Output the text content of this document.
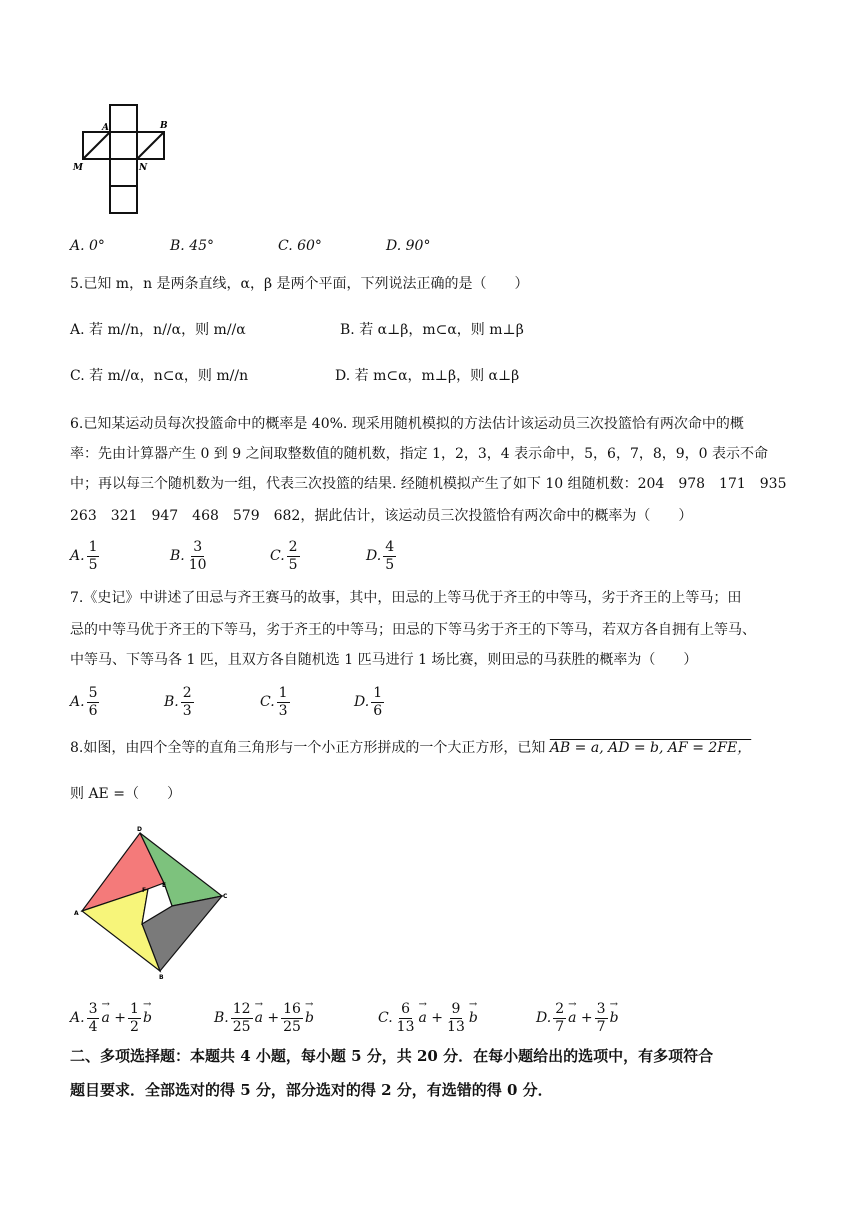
A	B
M	N
A. 0°	B. 45°	C. 60°	D. 90°
5.已知 m，n 是两条直线，α，β 是两个平面，下列说法正确的是（　　）
A. 若 m//n，n//α，则 m//α	B. 若 α⊥β，m⊂α，则 m⊥β
C. 若 m//α，n⊂α，则 m//n	D. 若 m⊂α，m⊥β，则 α⊥β
6.已知某运动员每次投篮命中的概率是 40%. 现采用随机模拟的方法估计该运动员三次投篮恰有两次命中的概
率：先由计算器产生 0 到 9 之间取整数值的随机数，指定 1，2，3，4 表示命中，5，6，7，8，9，0 表示不命
中；再以每三个随机数为一组，代表三次投篮的结果. 经随机模拟产生了如下 10 组随机数：204　978　171　935
263　321　947　468　579　682，据此估计，该运动员三次投篮恰有两次命中的概率为（　　）
A. $\frac{1}{5}$	B. $\frac{3}{10}$	C. $\frac{2}{5}$	D. $\frac{4}{5}$
7.《史记》中讲述了田忌与齐王赛马的故事，其中，田忌的上等马优于齐王的中等马，劣于齐王的上等马；田
忌的中等马优于齐王的下等马，劣于齐王的中等马；田忌的下等马劣于齐王的下等马，若双方各自拥有上等马、
中等马、下等马各 1 匹，且双方各自随机选 1 匹马进行 1 场比赛，则田忌的马获胜的概率为（　　）
A. $\frac{5}{6}$	B. $\frac{2}{3}$	C. $\frac{1}{3}$	D. $\frac{1}{6}$
8.如图，由四个全等的直角三角形与一个小正方形拼成的一个大正方形，已知 AB = a, AD = b, AF = 2FE，
则 AE =（　　）
D
C
B
A
E
F
A. $\frac{3}{4} \to a + \frac{1}{2} \to b$	B. $\frac{12}{25} \to a + \frac{16}{25} \to b$	C. $\frac{6}{13} \to a + \frac{9}{13} \to b$	D. $\frac{2}{7} \to a + \frac{3}{7} \to b$
二、多项选择题：本题共 4 小题，每小题 5 分，共 20 分．在每小题给出的选项中，有多项符合
题目要求．全部选对的得 5 分，部分选对的得 2 分，有选错的得 0 分．
